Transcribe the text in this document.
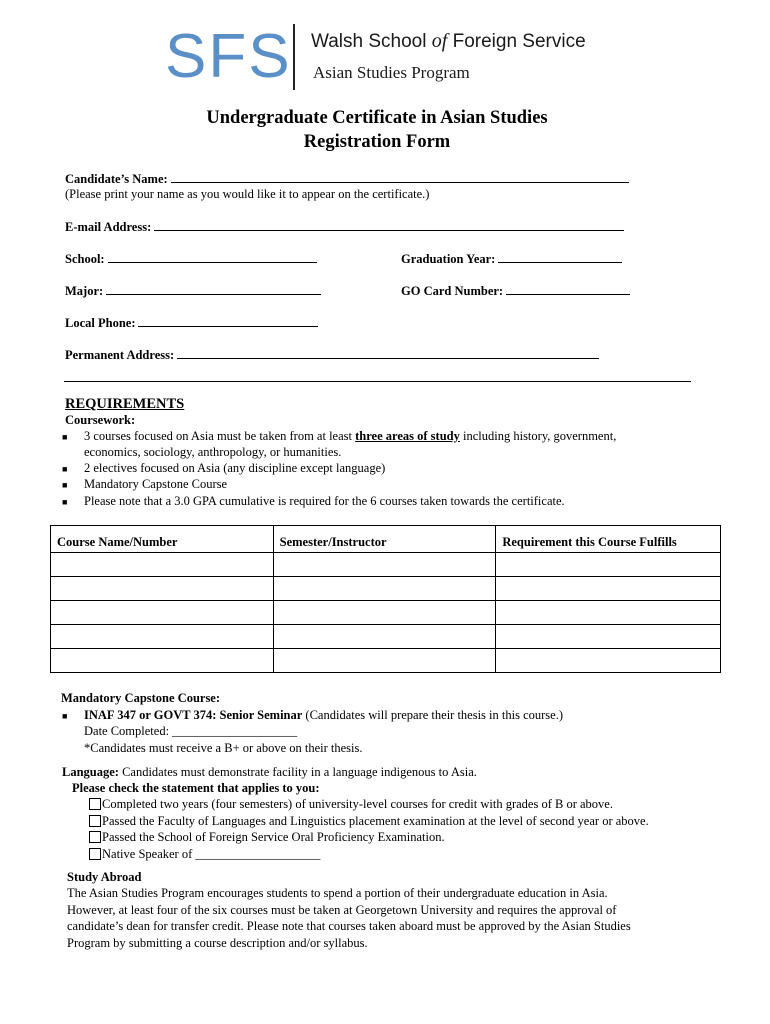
SFS Walsh School of Foreign Service
Asian Studies Program
Undergraduate Certificate in Asian Studies
Registration Form
Candidate’s Name:
(Please print your name as you would like it to appear on the certificate.)
E-mail Address:
School:	Graduation Year:
Major:	GO Card Number:
Local Phone:
Permanent Address:
REQUIREMENTS
Coursework:
■ 3 courses focused on Asia must be taken from at least three areas of study including history, government,
economics, sociology, anthropology, or humanities.
■ 2 electives focused on Asia (any discipline except language)
■ Mandatory Capstone Course
■ Please note that a 3.0 GPA cumulative is required for the 6 courses taken towards the certificate.
Course Name/Number	Semester/Instructor	Requirement this Course Fulfills

Mandatory Capstone Course:
■ INAF 347 or GOVT 374: Senior Seminar (Candidates will prepare their thesis in this course.)
Date Completed: ____________________
*Candidates must receive a B+ or above on their thesis.
Language: Candidates must demonstrate facility in a language indigenous to Asia.
Please check the statement that applies to you:
Completed two years (four semesters) of university-level courses for credit with grades of B or above.
Passed the Faculty of Languages and Linguistics placement examination at the level of second year or above.
Passed the School of Foreign Service Oral Proficiency Examination.
Native Speaker of ____________________
Study Abroad
The Asian Studies Program encourages students to spend a portion of their undergraduate education in Asia.
However, at least four of the six courses must be taken at Georgetown University and requires the approval of
candidate’s dean for transfer credit. Please note that courses taken aboard must be approved by the Asian Studies
Program by submitting a course description and/or syllabus.
